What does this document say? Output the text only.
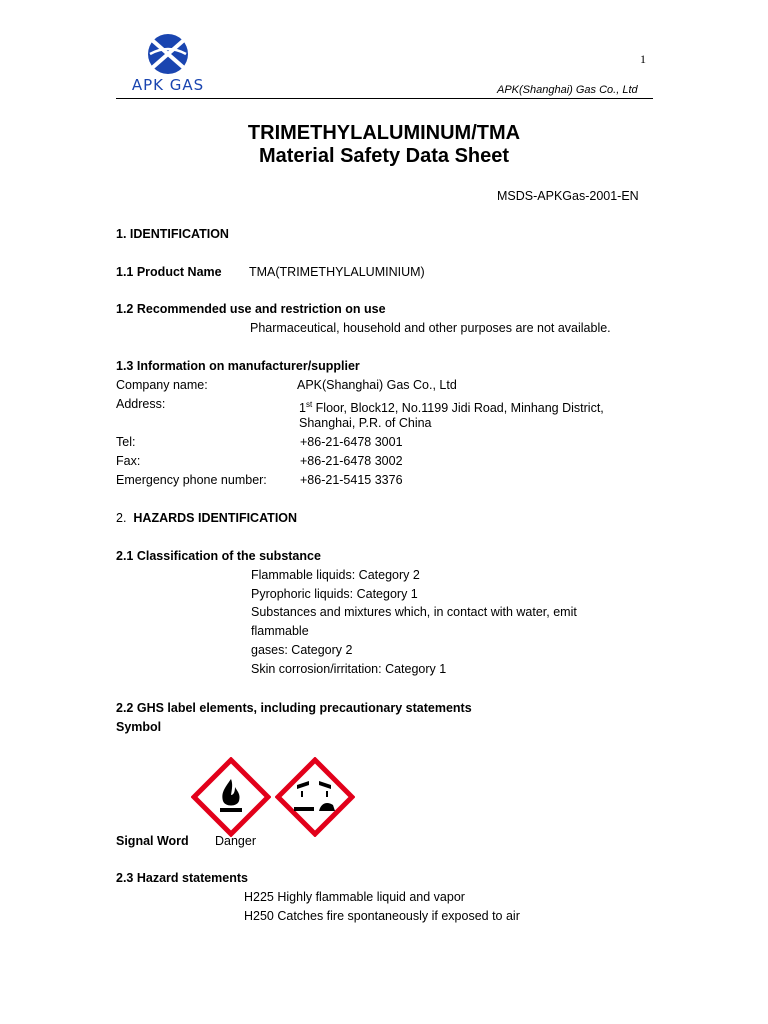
APK GAS
1
APK(Shanghai) Gas Co., Ltd
TRIMETHYLALUMINUM/TMA
Material Safety Data Sheet
MSDS-APKGas-2001-EN
1. IDENTIFICATION
1.1 Product Name TMA(TRIMETHYLALUMINIUM)
1.2 Recommended use and restriction on use
Pharmaceutical, household and other purposes are not available.
1.3 Information on manufacturer/supplier
Company name:	APK(Shanghai) Gas Co., Ltd
Address:	1st Floor, Block12, No.1199 Jidi Road, Minhang District,
Shanghai, P.R. of China
Tel:	+86-21-6478 3001
Fax:	+86-21-6478 3002
Emergency phone number:	+86-21-5415 3376
2. HAZARDS IDENTIFICATION
2.1 Classification of the substance
Flammable liquids: Category 2
Pyrophoric liquids: Category 1
Substances and mixtures which, in contact with water, emit
flammable
gases: Category 2
Skin corrosion/irritation: Category 1
2.2 GHS label elements, including precautionary statements
Symbol
Signal Word Danger
2.3 Hazard statements
H225 Highly flammable liquid and vapor
H250 Catches fire spontaneously if exposed to air
